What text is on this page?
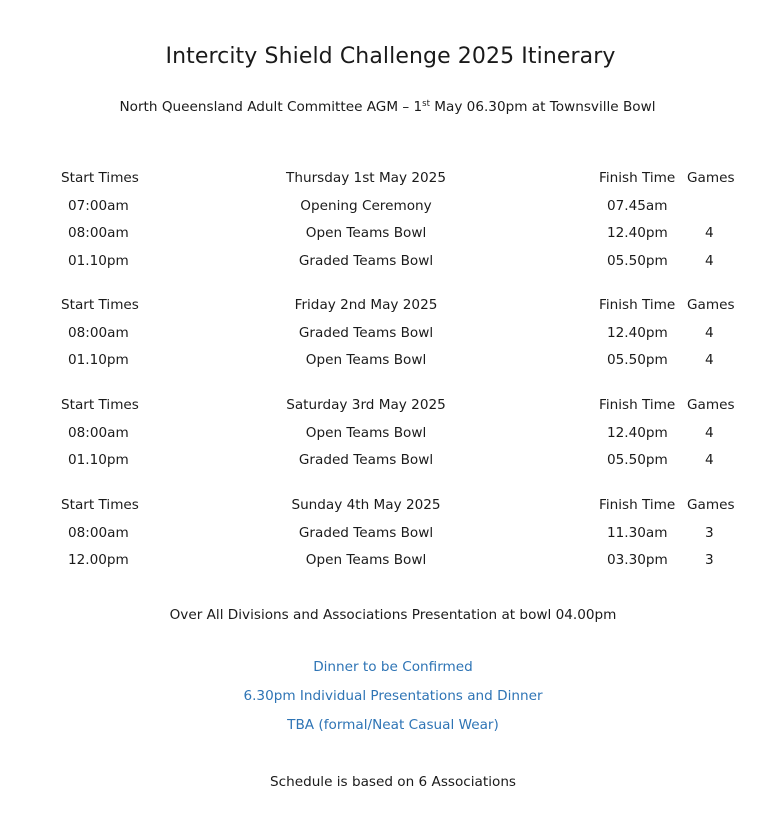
Intercity Shield Challenge 2025 Itinerary
North Queensland Adult Committee AGM – 1st May 06.30pm at Townsville Bowl
Start Times	Thursday 1st May 2025	Finish Time Games
07:00am	Opening Ceremony	07.45am
08:00am	Open Teams Bowl	12.40pm	4
01.10pm	Graded Teams Bowl	05.50pm	4
Start Times	Friday 2nd May 2025	Finish Time Games
08:00am	Graded Teams Bowl	12.40pm	4
01.10pm	Open Teams Bowl	05.50pm	4
Start Times	Saturday 3rd May 2025	Finish Time Games
08:00am	Open Teams Bowl	12.40pm	4
01.10pm	Graded Teams Bowl	05.50pm	4
Start Times	Sunday 4th May 2025	Finish Time Games
08:00am	Graded Teams Bowl	11.30am	3
12.00pm	Open Teams Bowl	03.30pm	3
Over All Divisions and Associations Presentation at bowl 04.00pm
Dinner to be Confirmed
6.30pm Individual Presentations and Dinner
TBA (formal/Neat Casual Wear)
Schedule is based on 6 Associations
